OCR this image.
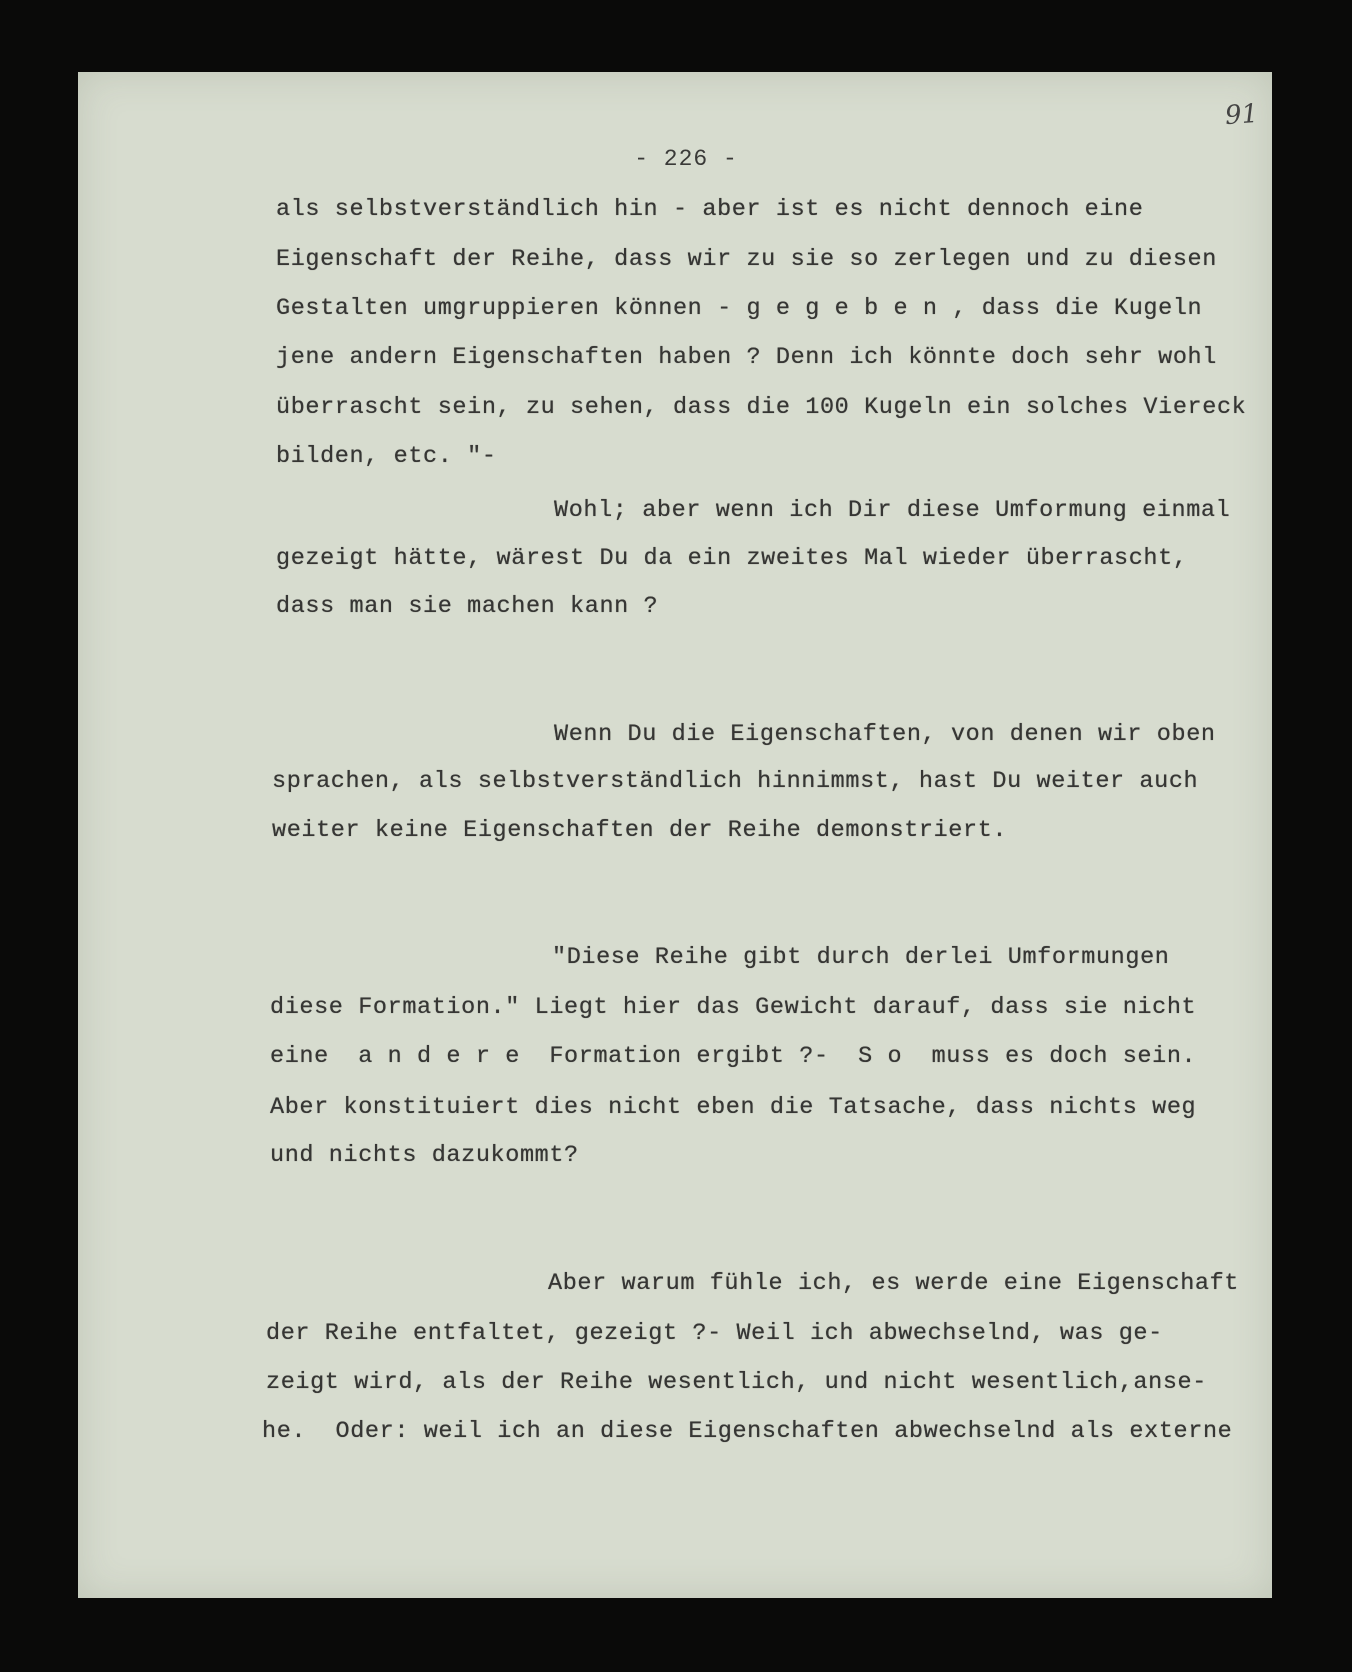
91
- 226 -
als selbstverständlich hin - aber ist es nicht dennoch eine
Eigenschaft der Reihe, dass wir zu sie so zerlegen und zu diesen
Gestalten umgruppieren können - g e g e b e n , dass die Kugeln
jene andern Eigenschaften haben ? Denn ich könnte doch sehr wohl
überrascht sein, zu sehen, dass die 100 Kugeln ein solches Viereck
bilden, etc. "-
Wohl; aber wenn ich Dir diese Umformung einmal
gezeigt hätte, wärest Du da ein zweites Mal wieder überrascht,
dass man sie machen kann ?
Wenn Du die Eigenschaften, von denen wir oben
sprachen, als selbstverständlich hinnimmst, hast Du weiter auch
weiter keine Eigenschaften der Reihe demonstriert.
"Diese Reihe gibt durch derlei Umformungen
diese Formation." Liegt hier das Gewicht darauf, dass sie nicht
eine  a n d e r e  Formation ergibt ?-  S o  muss es doch sein.
Aber konstituiert dies nicht eben die Tatsache, dass nichts weg
und nichts dazukommt?
Aber warum fühle ich, es werde eine Eigenschaft
der Reihe entfaltet, gezeigt ?- Weil ich abwechselnd, was ge-
zeigt wird, als der Reihe wesentlich, und nicht wesentlich,anse-
he.  Oder: weil ich an diese Eigenschaften abwechselnd als externe
